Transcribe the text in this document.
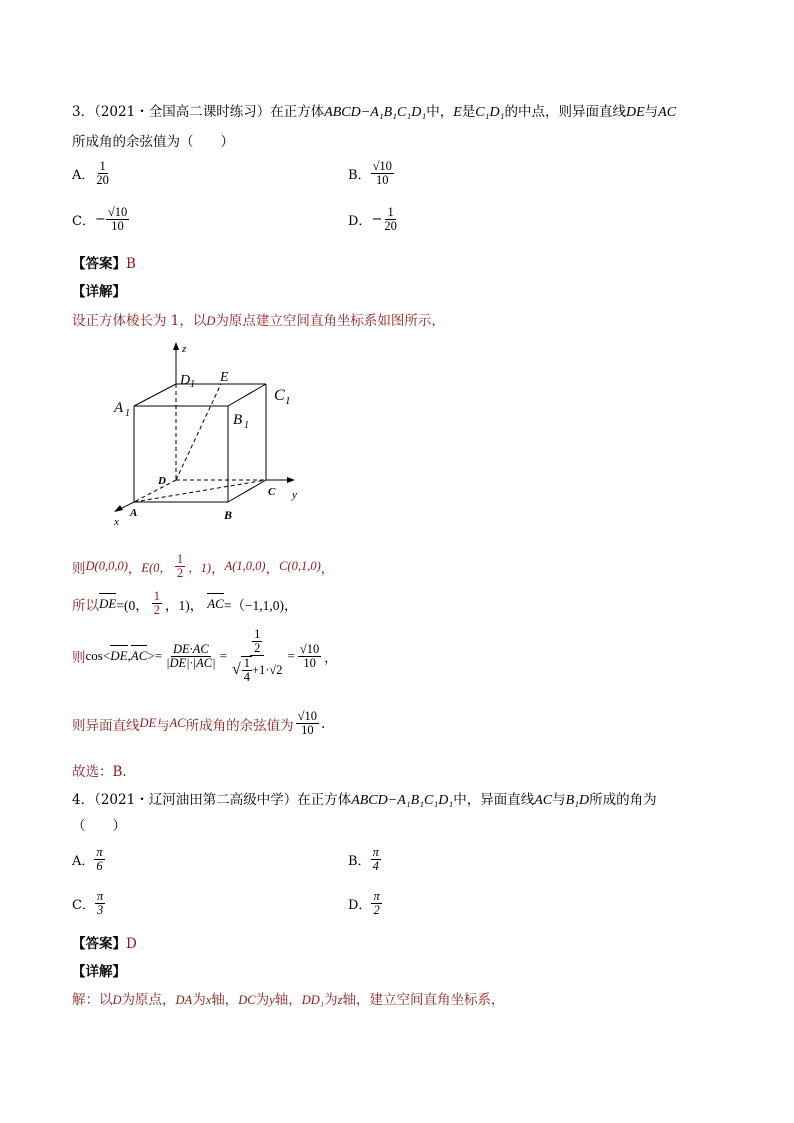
3．（2021・全国高二课时练习）在正方体ABCD−A₁B₁C₁D₁中，E是C₁D₁的中点，则异面直线DE与AC
所成角的余弦值为（　　）
A． $\frac{1}{20}$	B． $\frac{√10}{10}$
C． − $\frac{√10}{10}$	D． − $\frac{1}{20}$
【答案】B
【详解】
设正方体棱长为 1，以D为原点建立空间直角坐标系如图所示，
z
y
x
D 1 E
C 1
A 1	B 1
D
C
A	B
则 D(0,0,0) ， E(0， $\frac{1}{2}$ ，1) ， A(1,0,0) ， C(0,1,0) ，
所以 DE =(0， $\frac{1}{2}$ ，1)， AC =（−1,1,0)，
则 cos < DE , AC >= $\frac{DE\cdot AC}{|DE|\cdot|AC|} = \frac{\frac{1}{2}}{√ \frac{1}{4} +1\cdot√2} = \frac{√10}{10}$ ，
则异面直线 DE 与 AC 所成角的余弦值为 $\frac{√10}{10}$ .
故选：B.
4．（2021・辽河油田第二高级中学）在正方体ABCD−A₁B₁C₁D₁中，异面直线AC与B₁D所成的角为
（　　）
A． $\frac{\pi}{6}$	B． $\frac{\pi}{4}$
C． $\frac{\pi}{3}$	D． $\frac{\pi}{2}$
【答案】D
【详解】
解：以D为原点，DA为x轴，DC为y轴，DD₁为z轴，建立空间直角坐标系，
